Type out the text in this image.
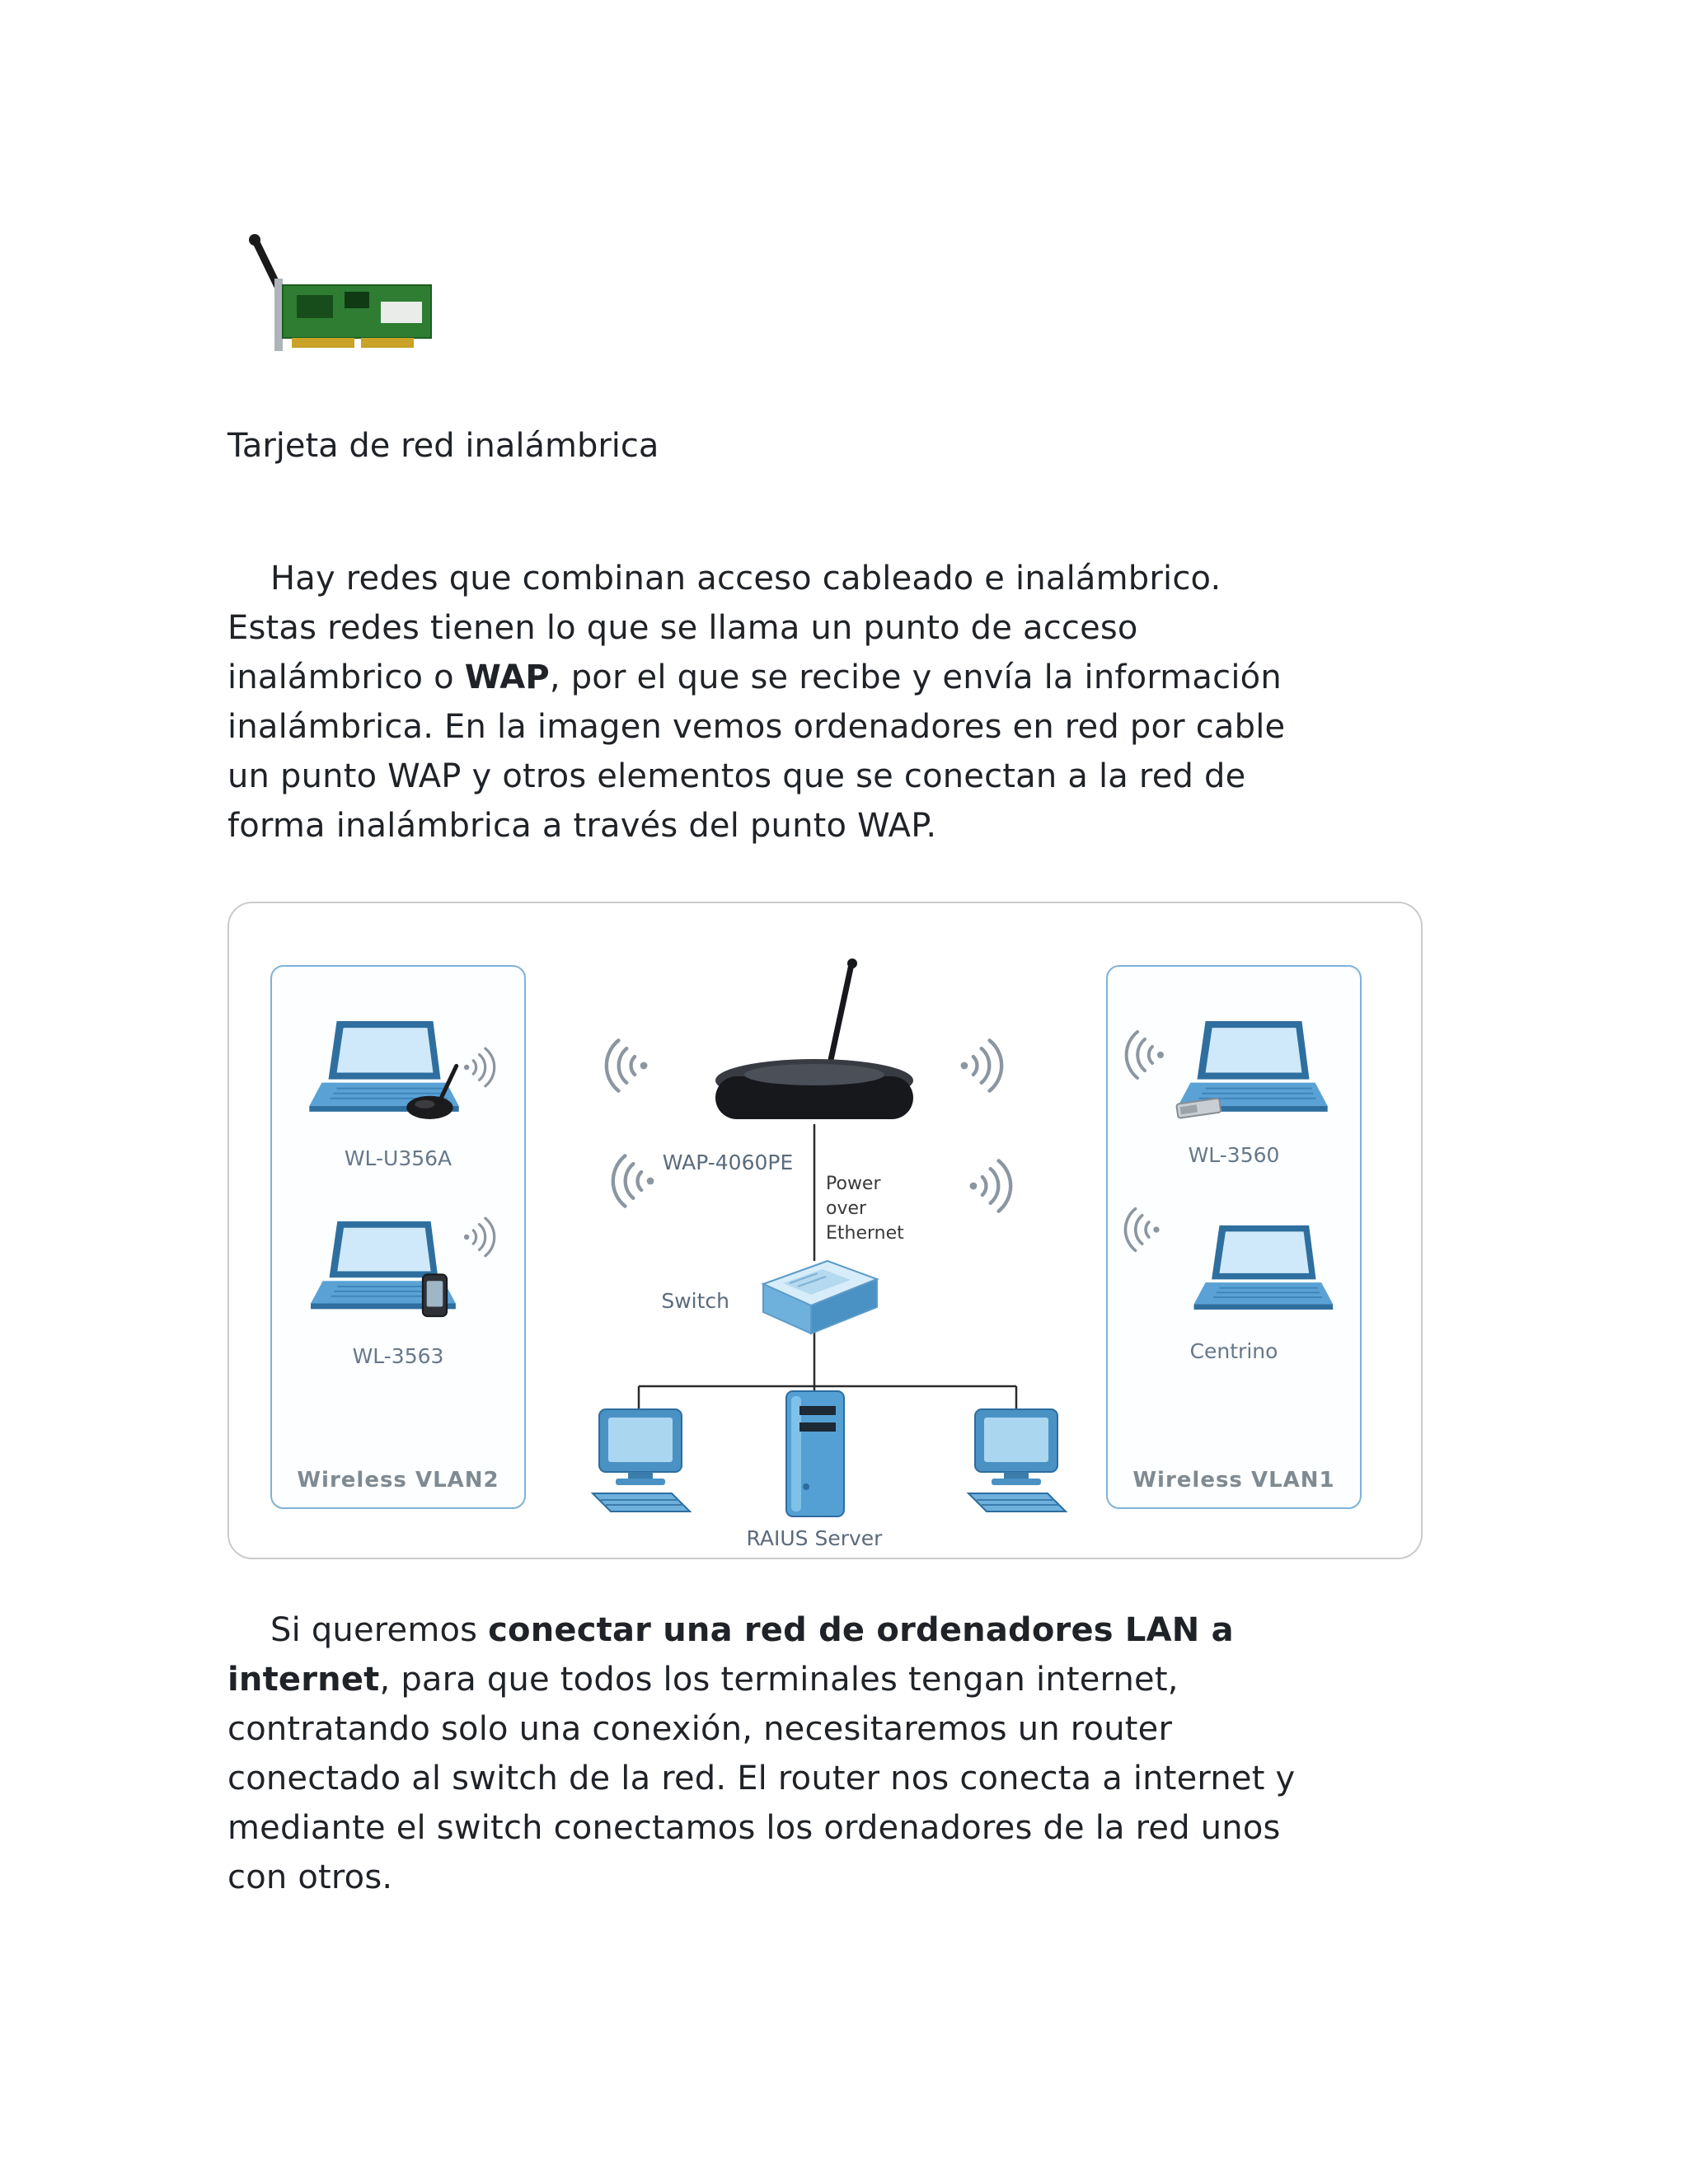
Tarjeta de red inalámbrica

Hay redes que combinan acceso cableado e inalámbrico. Estas redes tienen lo que se llama un punto de acceso inalámbrico o WAP, por el que se recibe y envía la información inalámbrica. En la imagen vemos ordenadores en red por cable un punto WAP y otros elementos que se conectan a la red de forma inalámbrica a través del punto WAP.

WL-U356A
WL-3563
Wireless VLAN2
WAP-4060PE
Power over Ethernet
Switch
RAIUS Server
WL-3560
Centrino
Wireless VLAN1

Si queremos conectar una red de ordenadores LAN a internet, para que todos los terminales tengan internet, contratando solo una conexión, necesitaremos un router conectado al switch de la red. El router nos conecta a internet y mediante el switch conectamos los ordenadores de la red unos con otros.
